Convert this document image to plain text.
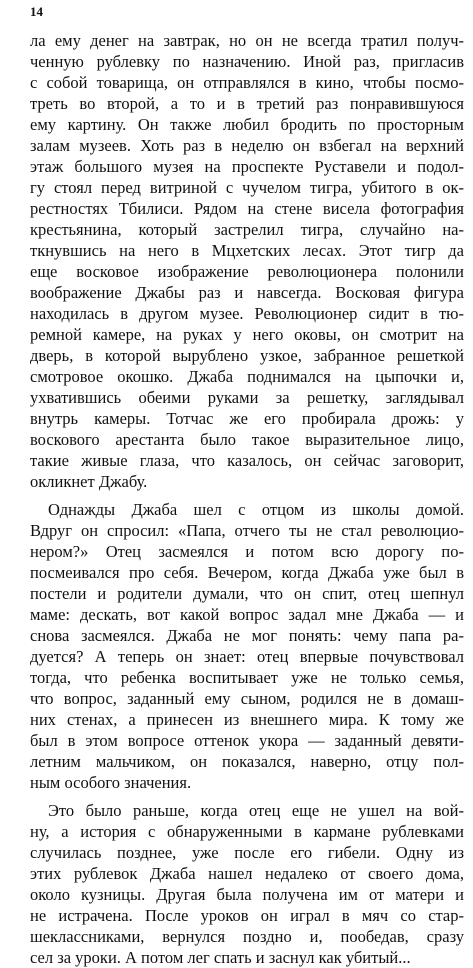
14
ла ему денег на завтрак, но он не всегда тратил получ-
ченную рублевку по назначению. Иной раз, пригласив
с собой товарища, он отправлялся в кино, чтобы посмо-
треть во второй, а то и в третий раз понравившуюся
ему картину. Он также любил бродить по просторным
залам музеев. Хоть раз в неделю он взбегал на верхний
этаж большого музея на проспекте Руставели и подол-
гу стоял перед витриной с чучелом тигра, убитого в ок-
рестностях Тбилиси. Рядом на стене висела фотография
крестьянина, который застрелил тигра, случайно на-
ткнувшись на него в Мцхетских лесах. Этот тигр да
еще восковое изображение революционера полонили
воображение Джабы раз и навсегда. Восковая фигура
находилась в другом музее. Революционер сидит в тю-
ремной камере, на руках у него оковы, он смотрит на
дверь, в которой вырублено узкое, забранное решеткой
смотровое окошко. Джаба поднимался на цыпочки и,
ухватившись обеими руками за решетку, заглядывал
внутрь камеры. Тотчас же его пробирала дрожь: у
воскового арестанта было такое выразительное лицо,
такие живые глаза, что казалось, он сейчас заговорит,
окликнет Джабу.
Однажды Джаба шел с отцом из школы домой.
Вдруг он спросил: «Папа, отчего ты не стал революцио-
нером?» Отец засмеялся и потом всю дорогу по-
посмеивался про себя. Вечером, когда Джаба уже был в
постели и родители думали, что он спит, отец шепнул
маме: дескать, вот какой вопрос задал мне Джаба — и
снова засмеялся. Джаба не мог понять: чему папа ра-
дуется? А теперь он знает: отец впервые почувствовал
тогда, что ребенка воспитывает уже не только семья,
что вопрос, заданный ему сыном, родился не в домаш-
них стенах, а принесен из внешнего мира. К тому же
был в этом вопросе оттенок укора — заданный девяти-
летним мальчиком, он показался, наверно, отцу пол-
ным особого значения.
Это было раньше, когда отец еще не ушел на вой-
ну, а история с обнаруженными в кармане рублевками
случилась позднее, уже после его гибели. Одну из
этих рублевок Джаба нашел недалеко от своего дома,
около кузницы. Другая была получена им от матери и
не истрачена. После уроков он играл в мяч со стар-
шеклассниками, вернулся поздно и, пообедав, сразу
сел за уроки. А потом лег спать и заснул как убитый...
